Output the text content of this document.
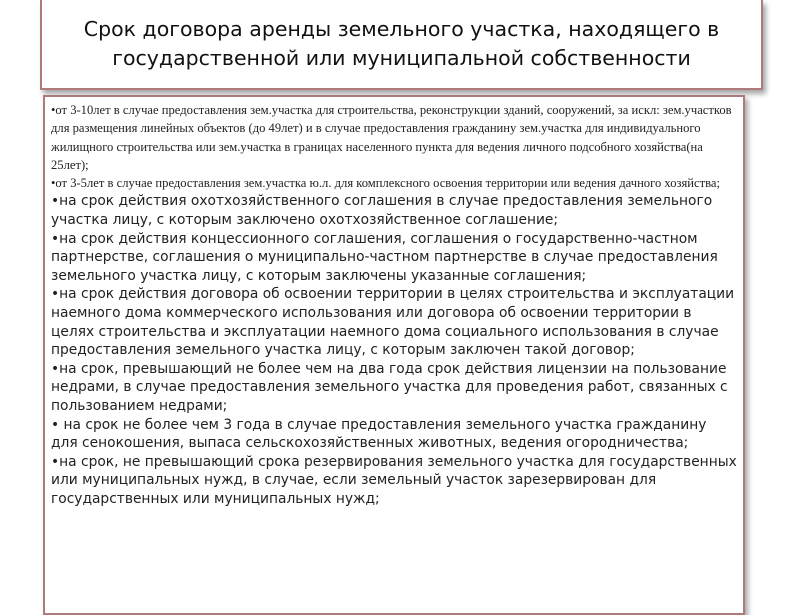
Срок договора аренды земельного участка, находящего в государственной или муниципальной собственности

•от 3-10лет в случае предоставления зем.участка для строительства, реконструкции зданий, сооружений, за искл: зем.участков для размещения линейных объектов (до 49лет) и в случае предоставления гражданину зем.участка для индивидуального жилищного строительства или зем.участка в границах населенного пункта для ведения личного подсобного хозяйства(на 25лет);

•от 3-5лет в случае предоставления зем.участка ю.л. для комплексного освоения территории или ведения дачного хозяйства;

•на срок действия охотхозяйственного соглашения в случае предоставления земельного участка лицу, с которым заключено охотхозяйственное соглашение;

•на срок действия концессионного соглашения, соглашения о государственно-частном партнерстве, соглашения о муниципально-частном партнерстве в случае предоставления земельного участка лицу, с которым заключены указанные соглашения;

•на срок действия договора об освоении территории в целях строительства и эксплуатации наемного дома коммерческого использования или договора об освоении территории в целях строительства и эксплуатации наемного дома социального использования в случае предоставления земельного участка лицу, с которым заключен такой договор;

•на срок, превышающий не более чем на два года срок действия лицензии на пользование недрами, в случае предоставления земельного участка для проведения работ, связанных с пользованием недрами;

• на срок не более чем 3 года в случае предоставления земельного участка гражданину для сенокошения, выпаса сельскохозяйственных животных, ведения огородничества;

•на срок, не превышающий срока резервирования земельного участка для государственных или муниципальных нужд, в случае, если земельный участок зарезервирован для государственных или муниципальных нужд;
